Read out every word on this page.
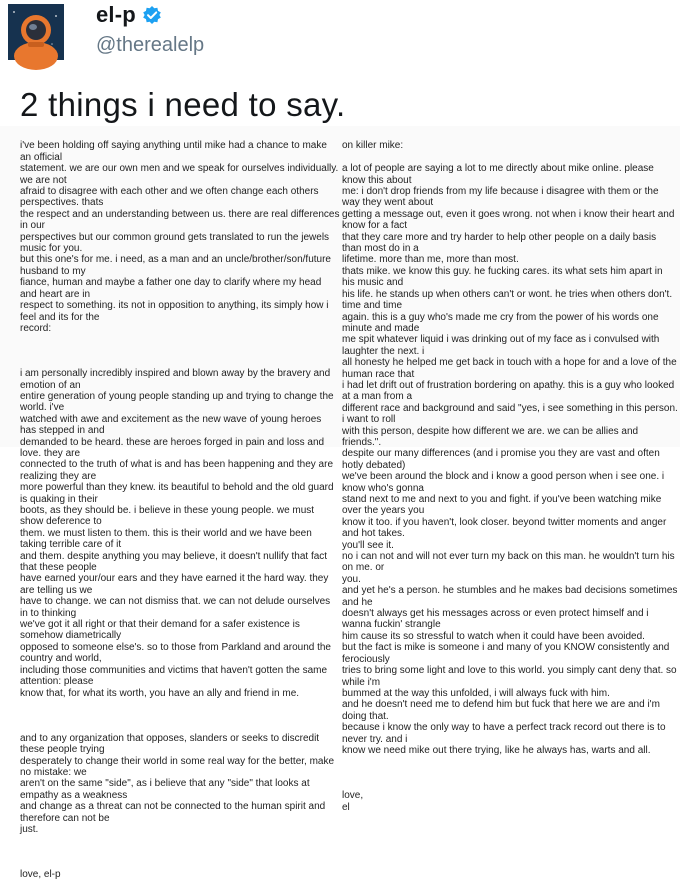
el-p
@therealelp
2 things i need to say.

i've been holding off saying anything until mike had a chance to make an official
statement. we are our own men and we speak for ourselves individually. we are not
afraid to disagree with each other and we often change each others perspectives. thats
the respect and an understanding between us. there are real differences in our
perspectives but our common ground gets translated to run the jewels music for you.
but this one's for me. i need, as a man and an uncle/brother/son/future husband to my
fiance, human and maybe a father one day to clarify where my head and heart are in
respect to something. its not in opposition to anything, its simply how i feel and its for the
record:

i am personally incredibly inspired and blown away by the bravery and emotion of an
entire generation of young people standing up and trying to change the world. i've
watched with awe and excitement as the new wave of young heroes has stepped in and
demanded to be heard. these are heroes forged in pain and loss and love. they are
connected to the truth of what is and has been happening and they are realizing they are
more powerful than they knew. its beautiful to behold and the old guard is quaking in their
boots, as they should be. i believe in these young people. we must show deference to
them. we must listen to them. this is their world and we have been taking terrible care of it
and them. despite anything you may believe, it doesn't nullify that fact that these people
have earned your/our ears and they have earned it the hard way. they are telling us we
have to change. we can not dismiss that. we can not delude ourselves in to thinking
we've got it all right or that their demand for a safer existence is somehow diametrically
opposed to someone else's. so to those from Parkland and around the country and world,
including those communities and victims that haven't gotten the same attention: please
know that, for what its worth, you have an ally and friend in me.

and to any organization that opposes, slanders or seeks to discredit these people trying
desperately to change their world in some real way for the better, make no mistake: we
aren't on the same "side", as i believe that any "side" that looks at empathy as a weakness
and change as a threat can not be connected to the human spirit and therefore can not be
just.

love, el-p

on killer mike:

a lot of people are saying a lot to me directly about mike online. please know this about
me: i don't drop friends from my life because i disagree with them or the way they went about
getting a message out, even it goes wrong. not when i know their heart and know for a fact
that they care more and try harder to help other people on a daily basis than most do in a
lifetime. more than me, more than most.
thats mike. we know this guy. he fucking cares. its what sets him apart in his music and
his life. he stands up when others can't or wont. he tries when others don't. time and time
again. this is a guy who's made me cry from the power of his words one minute and made
me spit whatever liquid i was drinking out of my face as i convulsed with laughter the next. i
all honesty he helped me get back in touch with a hope for and a love of the human race that
i had let drift out of frustration bordering on apathy. this is a guy who looked at a man from a
different race and background and said "yes, i see something in this person. i want to roll
with this person, despite how different we are. we can be allies and friends.".
despite our many differences (and i promise you they are vast and often hotly debated)
we've been around the block and i know a good person when i see one. i know who's gonna
stand next to me and next to you and fight. if you've been watching mike over the years you
know it too. if you haven't, look closer. beyond twitter moments and anger and hot takes.
you'll see it.
no i can not and will not ever turn my back on this man. he wouldn't turn his on me. or
you.
and yet he's a person. he stumbles and he makes bad decisions sometimes and he
doesn't always get his messages across or even protect himself and i wanna fuckin' strangle
him cause its so stressful to watch when it could have been avoided.
but the fact is mike is someone i and many of you KNOW consistently and ferociously
tries to bring some light and love to this world. you simply cant deny that. so while i'm
bummed at the way this unfolded, i will always fuck with him.
and he doesn't need me to defend him but fuck that here we are and i'm doing that.
because i know the only way to have a perfect track record out there is to never try. and i
know we need mike out there trying, like he always has, warts and all.

love,
el
